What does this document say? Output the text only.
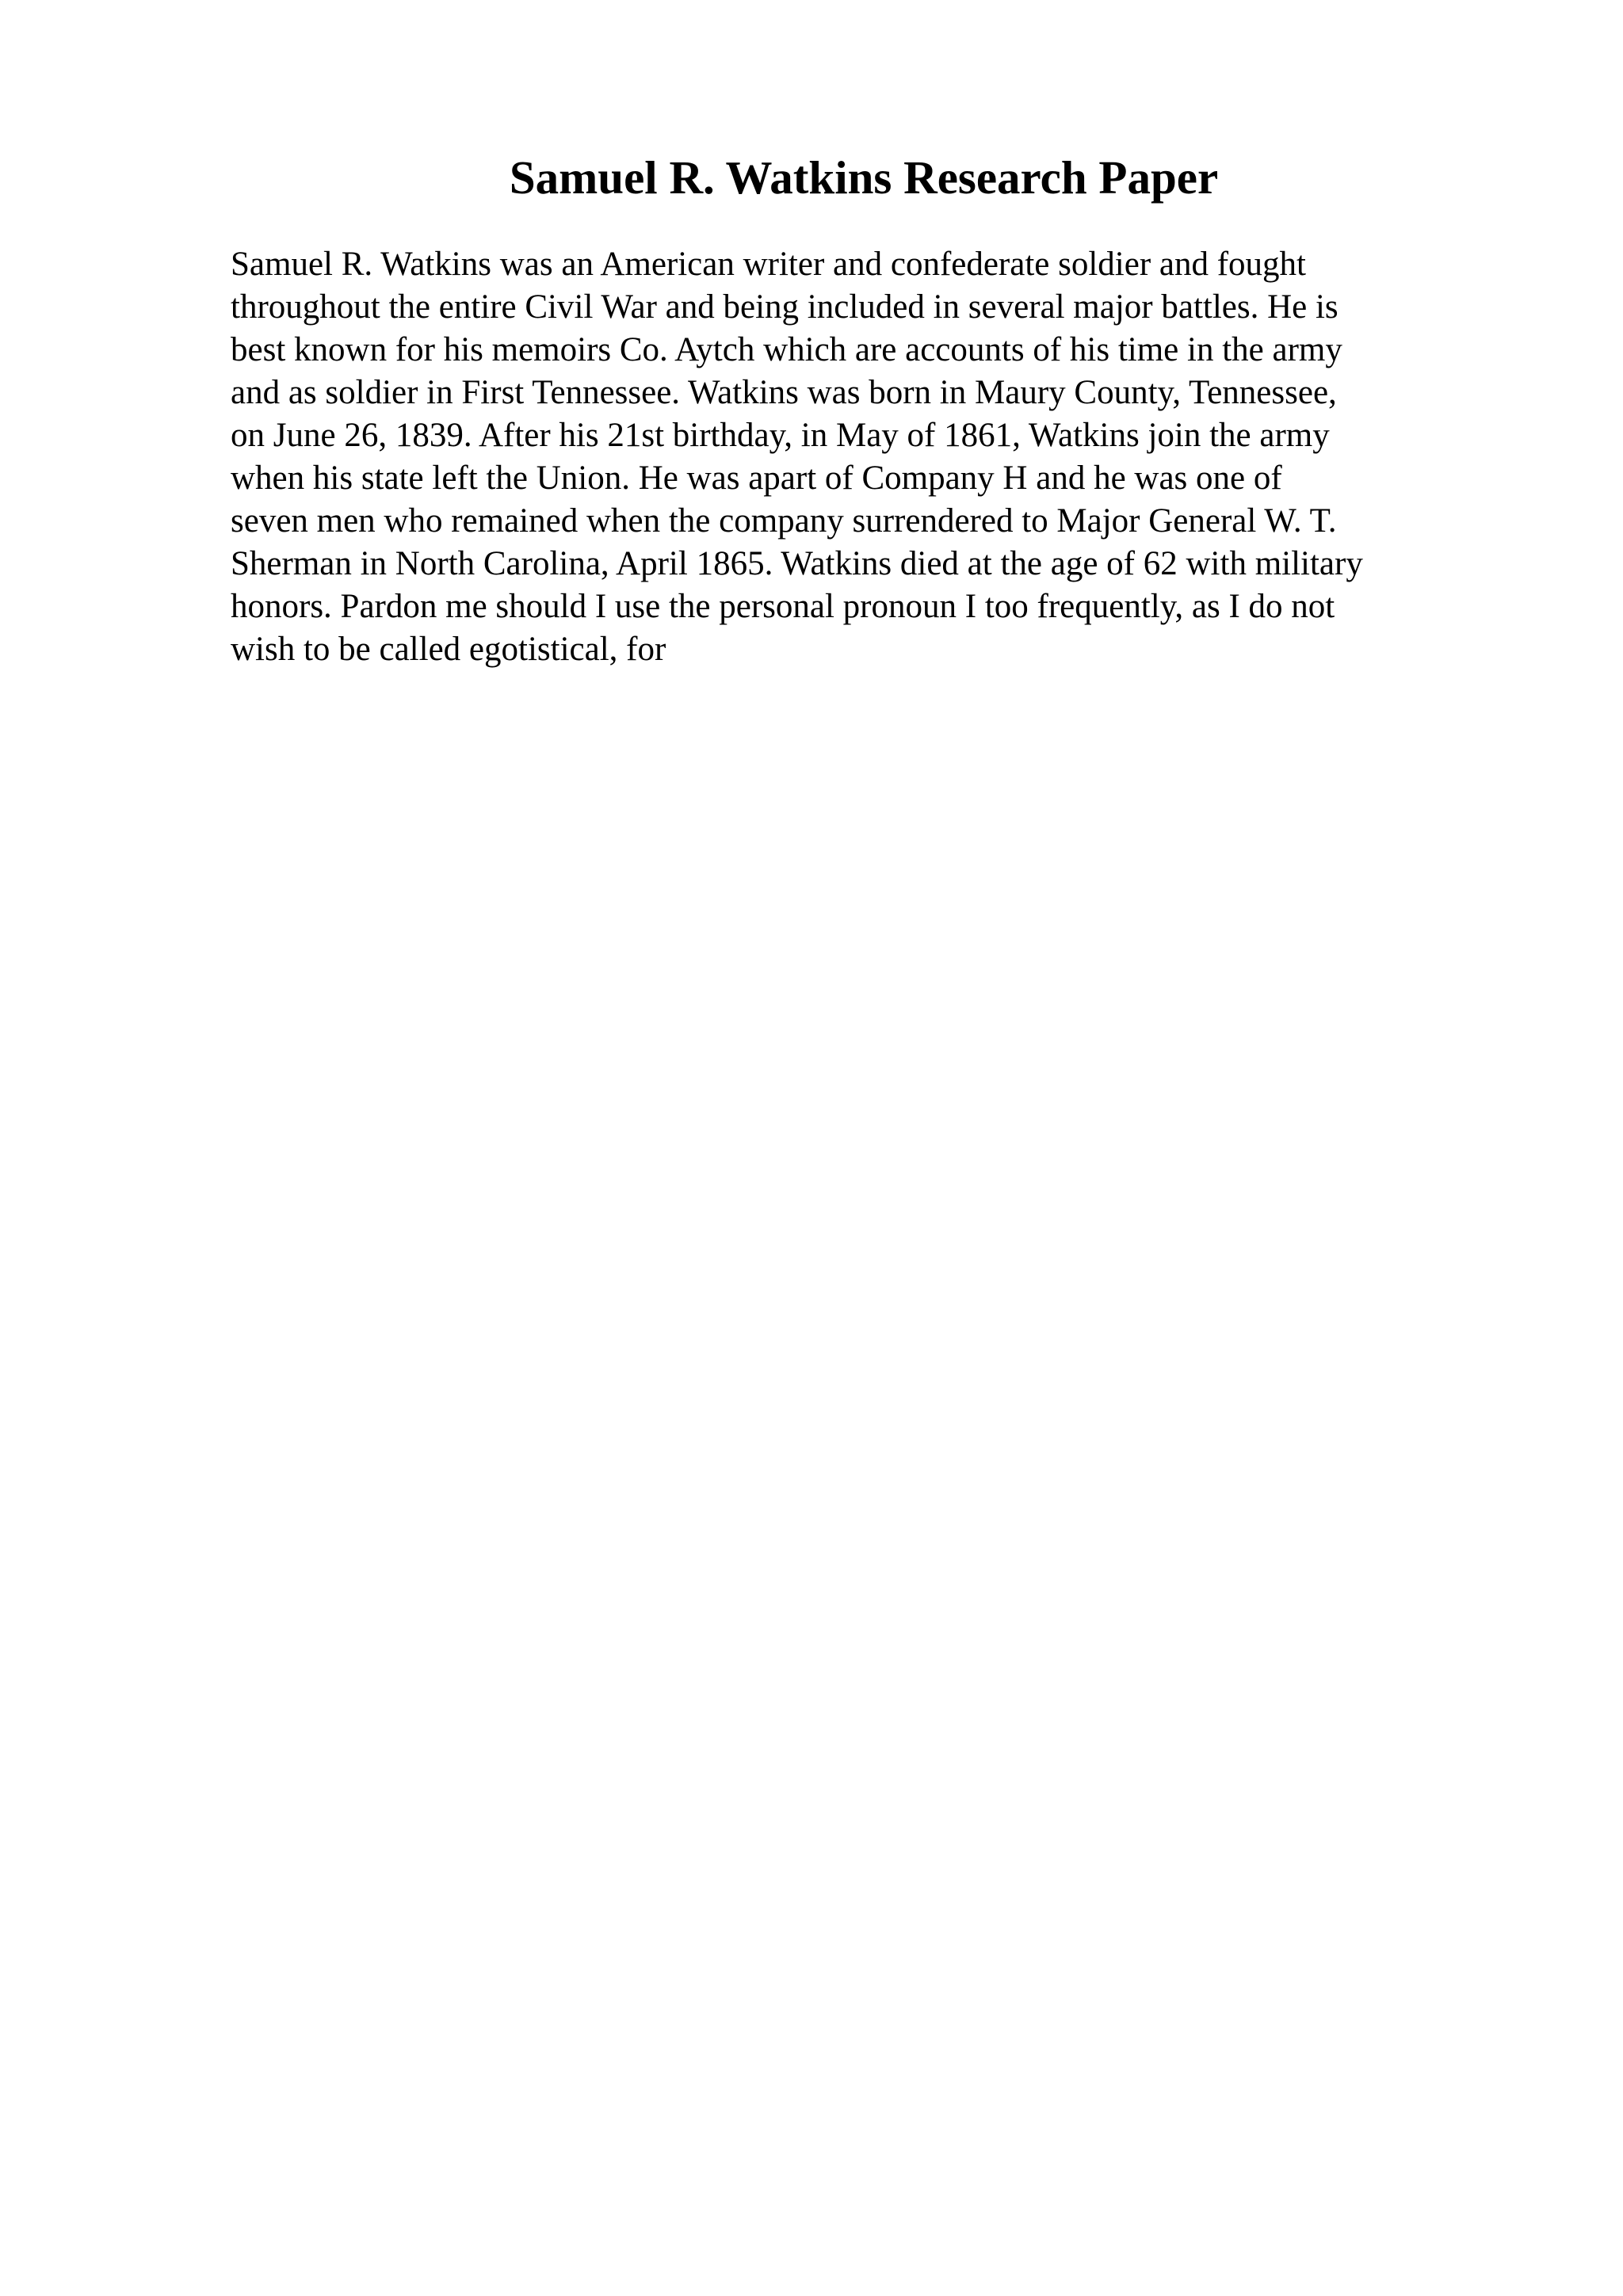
Samuel R. Watkins Research Paper
Samuel R. Watkins was an American writer and confederate soldier and fought
throughout the entire Civil War and being included in several major battles. He is
best known for his memoirs Co. Aytch which are accounts of his time in the army
and as soldier in First Tennessee. Watkins was born in Maury County, Tennessee,
on June 26, 1839. After his 21st birthday, in May of 1861, Watkins join the army
when his state left the Union. He was apart of Company H and he was one of
seven men who remained when the company surrendered to Major General W. T.
Sherman in North Carolina, April 1865. Watkins died at the age of 62 with military
honors. Pardon me should I use the personal pronoun I too frequently, as I do not
wish to be called egotistical, for
